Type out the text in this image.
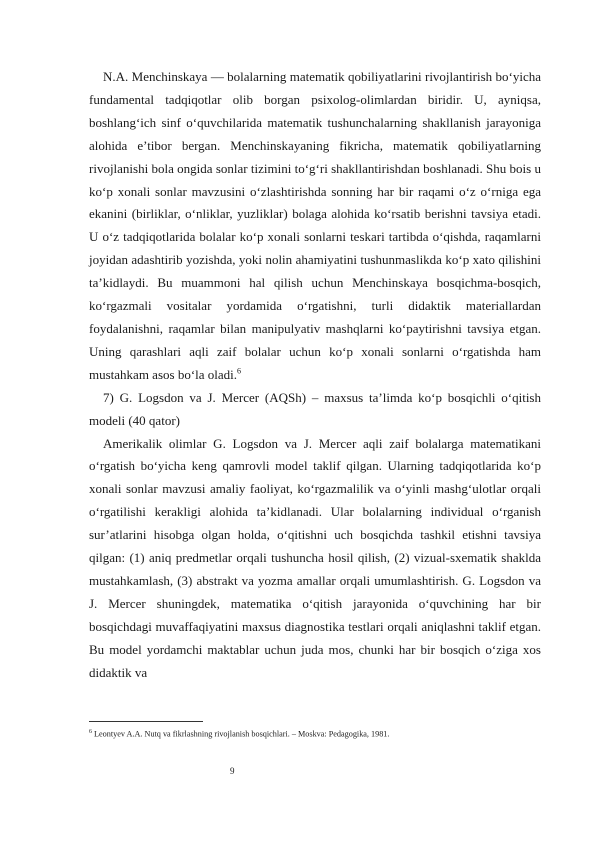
N.A. Menchinskaya — bolalarning matematik qobiliyatlarini rivojlantirish bo‘yicha fundamental tadqiqotlar olib borgan psixolog-olimlardan biridir. U, ayniqsa, boshlang‘ich sinf o‘quvchilarida matematik tushunchalarning shakllanish jarayoniga alohida e’tibor bergan. Menchinskayaning fikricha, matematik qobiliyatlarning rivojlanishi bola ongida sonlar tizimini to‘g‘ri shakllantirishdan boshlanadi. Shu bois u ko‘p xonali sonlar mavzusini o‘zlashtirishda sonning har bir raqami o‘z o‘rniga ega ekanini (birliklar, o‘nliklar, yuzliklar) bolaga alohida ko‘rsatib berishni tavsiya etadi. U o‘z tadqiqotlarida bolalar ko‘p xonali sonlarni teskari tartibda o‘qishda, raqamlarni joyidan adashtirib yozishda, yoki nolin ahamiyatini tushunmaslikda ko‘p xato qilishini ta’kidlaydi. Bu muammoni hal qilish uchun Menchinskaya bosqichma-bosqich, ko‘rgazmali vositalar yordamida o‘rgatishni, turli didaktik materiallardan foydalanishni, raqamlar bilan manipulyativ mashqlarni ko‘paytirishni tavsiya etgan. Uning qarashlari aqli zaif bolalar uchun ko‘p xonali sonlarni o‘rgatishda ham mustahkam asos bo‘la oladi.$^6$

7) G. Logsdon va J. Mercer (AQSh) – maxsus ta’limda ko‘p bosqichli o‘qitish modeli (40 qator)

Amerikalik olimlar G. Logsdon va J. Mercer aqli zaif bolalarga matematikani o‘rgatish bo‘yicha keng qamrovli model taklif qilgan. Ularning tadqiqotlarida ko‘p xonali sonlar mavzusi amaliy faoliyat, ko‘rgazmalilik va o‘yinli mashg‘ulotlar orqali o‘rgatilishi kerakligi alohida ta’kidlanadi. Ular bolalarning individual o‘rganish sur’atlarini hisobga olgan holda, o‘qitishni uch bosqichda tashkil etishni tavsiya qilgan: (1) aniq predmetlar orqali tushuncha hosil qilish, (2) vizual-sxematik shaklda mustahkamlash, (3) abstrakt va yozma amallar orqali umumlashtirish. G. Logsdon va J. Mercer shuningdek, matematika o‘qitish jarayonida o‘quvchining har bir bosqichdagi muvaffaqiyatini maxsus diagnostika testlari orqali aniqlashni taklif etgan. Bu model yordamchi maktablar uchun juda mos, chunki har bir bosqich o‘ziga xos didaktik va

$^6$ Leontyev A.A. Nutq va fikrlashning rivojlanish bosqichlari. – Moskva: Pedagogika, 1981.
9
